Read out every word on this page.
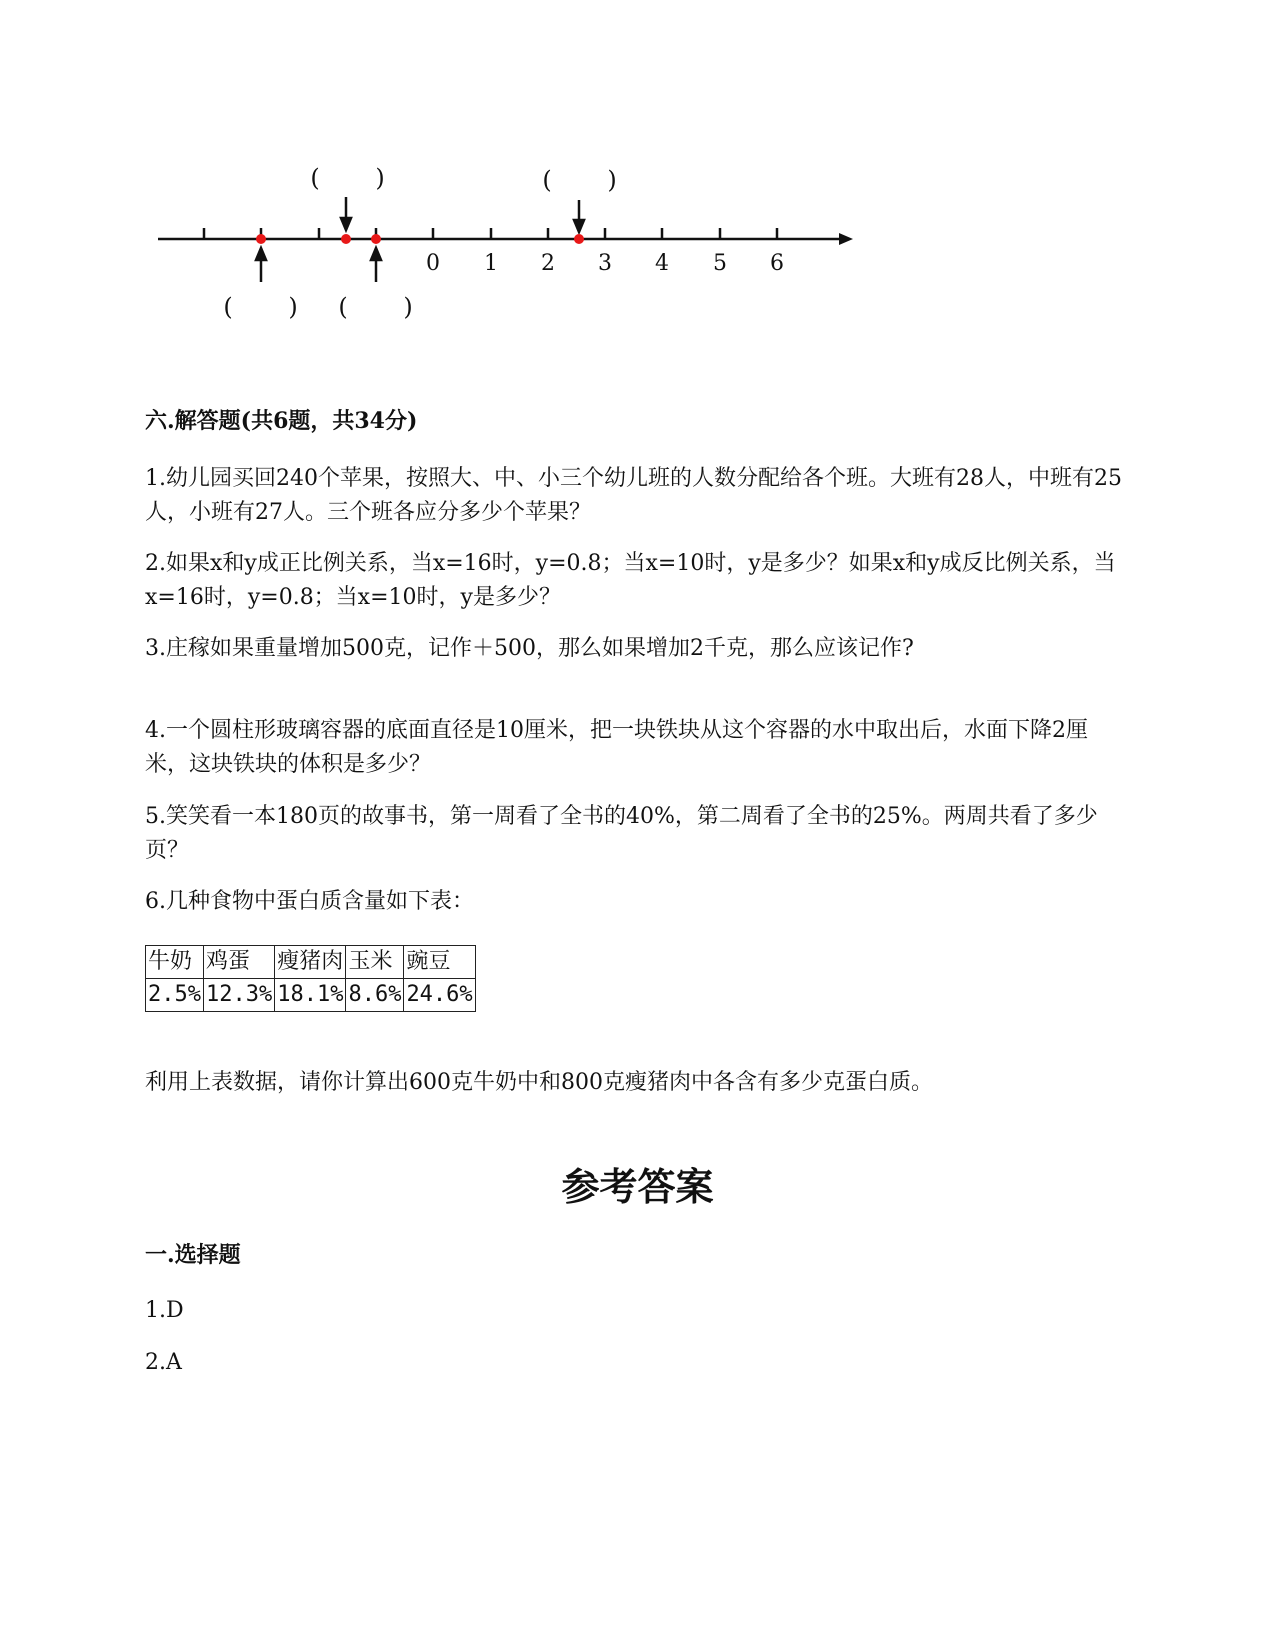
0 1 2 3 4 5 6
( )	( )
( ) ( )
六.解答题(共6题，共34分)
1.幼儿园买回240个苹果，按照大、中、小三个幼儿班的人数分配给各个班。大班有28人，中班有25人，小班有27人。三个班各应分多少个苹果？
2.如果x和y成正比例关系，当x=16时，y=0.8；当x=10时，y是多少？如果x和y成反比例关系，当x=16时，y=0.8；当x=10时，y是多少？
3.庄稼如果重量增加500克，记作＋500，那么如果增加2千克，那么应该记作?
4.一个圆柱形玻璃容器的底面直径是10厘米，把一块铁块从这个容器的水中取出后，水面下降2厘米，这块铁块的体积是多少？
5.笑笑看一本180页的故事书，第一周看了全书的40%，第二周看了全书的25%。两周共看了多少页？
6.几种食物中蛋白质含量如下表：
牛奶	鸡蛋	瘦猪肉	玉米	豌豆
2.5%	12.3%	18.1%	8.6%	24.6%
利用上表数据，请你计算出600克牛奶中和800克瘦猪肉中各含有多少克蛋白质。
参考答案
一.选择题
1.D
2.A
